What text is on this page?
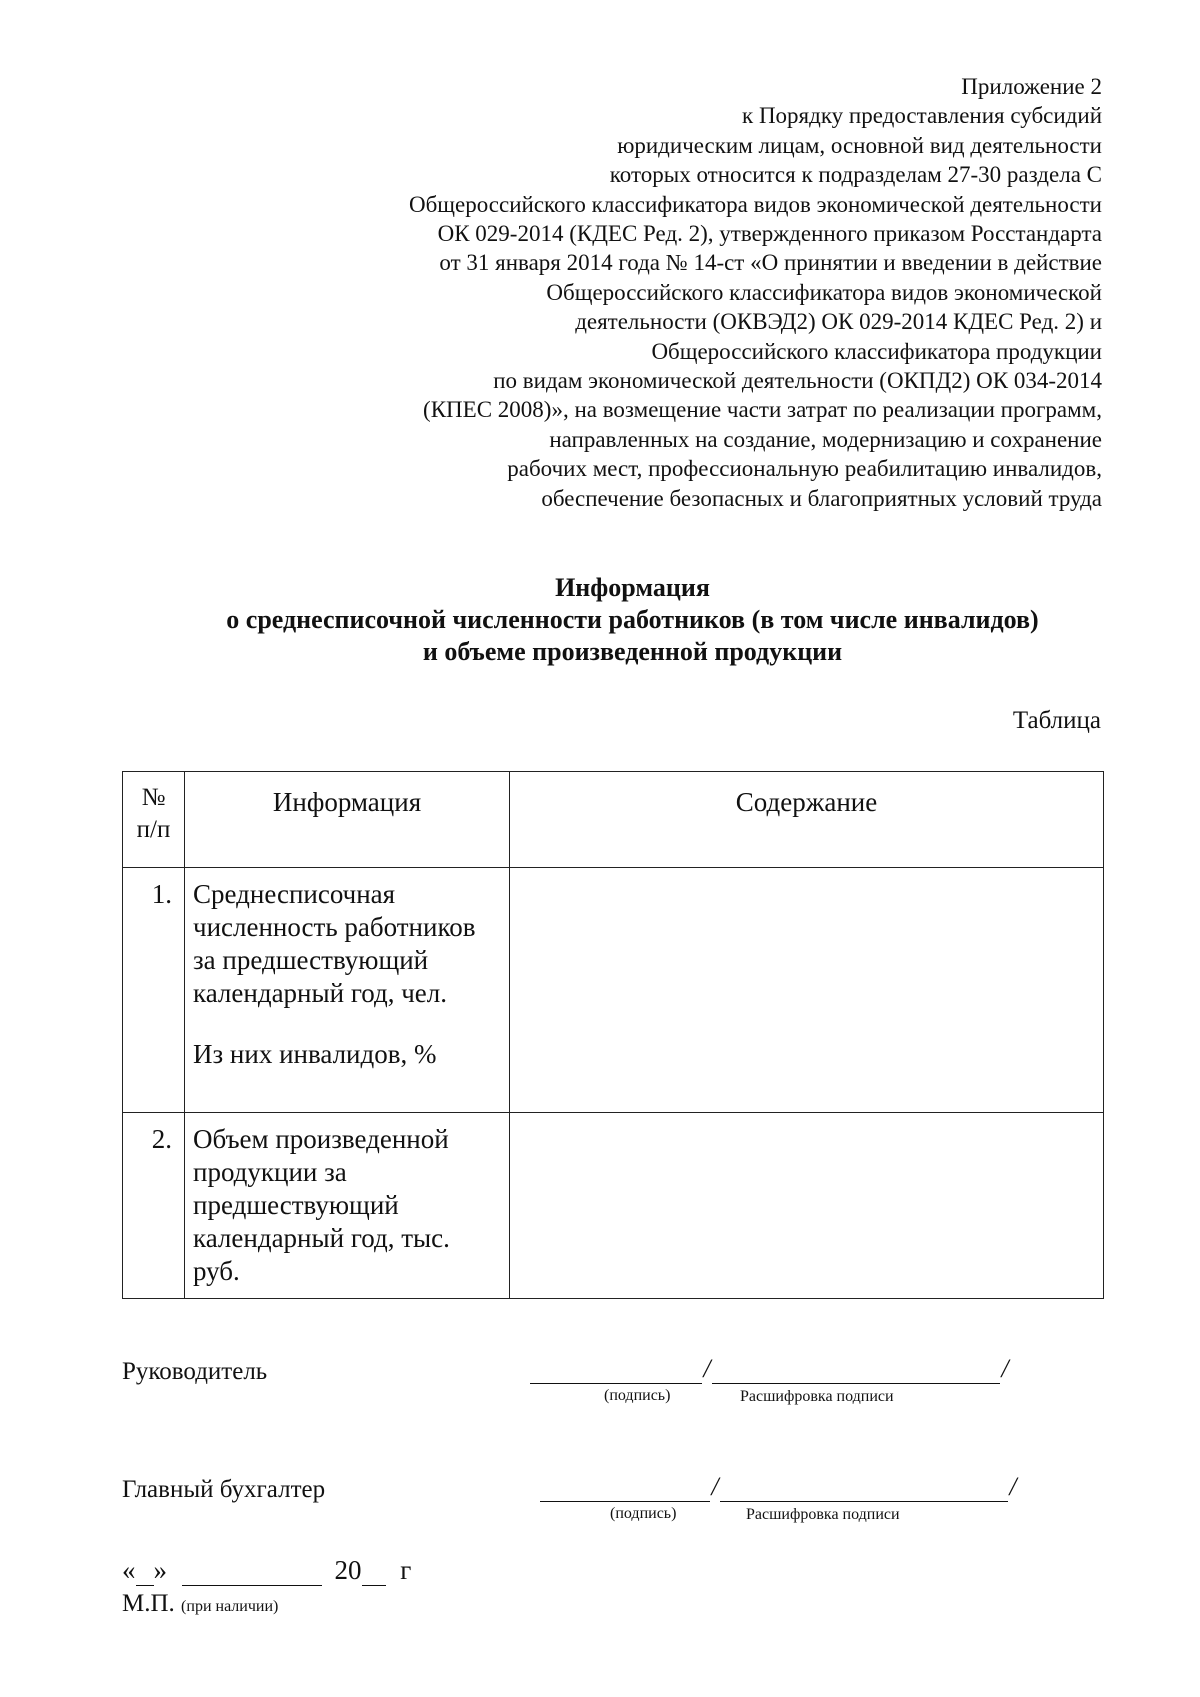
Приложение 2
к Порядку предоставления субсидий
юридическим лицам, основной вид деятельности
которых относится к подразделам 27-30 раздела С
Общероссийского классификатора видов экономической деятельности
ОК 029-2014 (КДЕС Ред. 2), утвержденного приказом Росстандарта
от 31 января 2014 года № 14-ст «О принятии и введении в действие
Общероссийского классификатора видов экономической
деятельности (ОКВЭД2) ОК 029-2014 КДЕС Ред. 2) и
Общероссийского классификатора продукции
по видам экономической деятельности (ОКПД2) ОК 034-2014
(КПЕС 2008)», на возмещение части затрат по реализации программ,
направленных на создание, модернизацию и сохранение
рабочих мест, профессиональную реабилитацию инвалидов,
обеспечение безопасных и благоприятных условий труда
Информация
о среднесписочной численности работников (в том числе инвалидов)
и объеме произведенной продукции
Таблица
№
п/п	Информация	Содержание
1.	Среднесписочная численность работников за предшествующий календарный год, чел.
Из них инвалидов, %	

2.	Объем произведенной продукции за предшествующий календарный год, тыс. руб.	

Руководитель	/	/
(подпись)	Расшифровка подписи
Главный бухгалтер	/	/
(подпись)	Расшифровка подписи
« »	20 г
М.П. (при наличии)
